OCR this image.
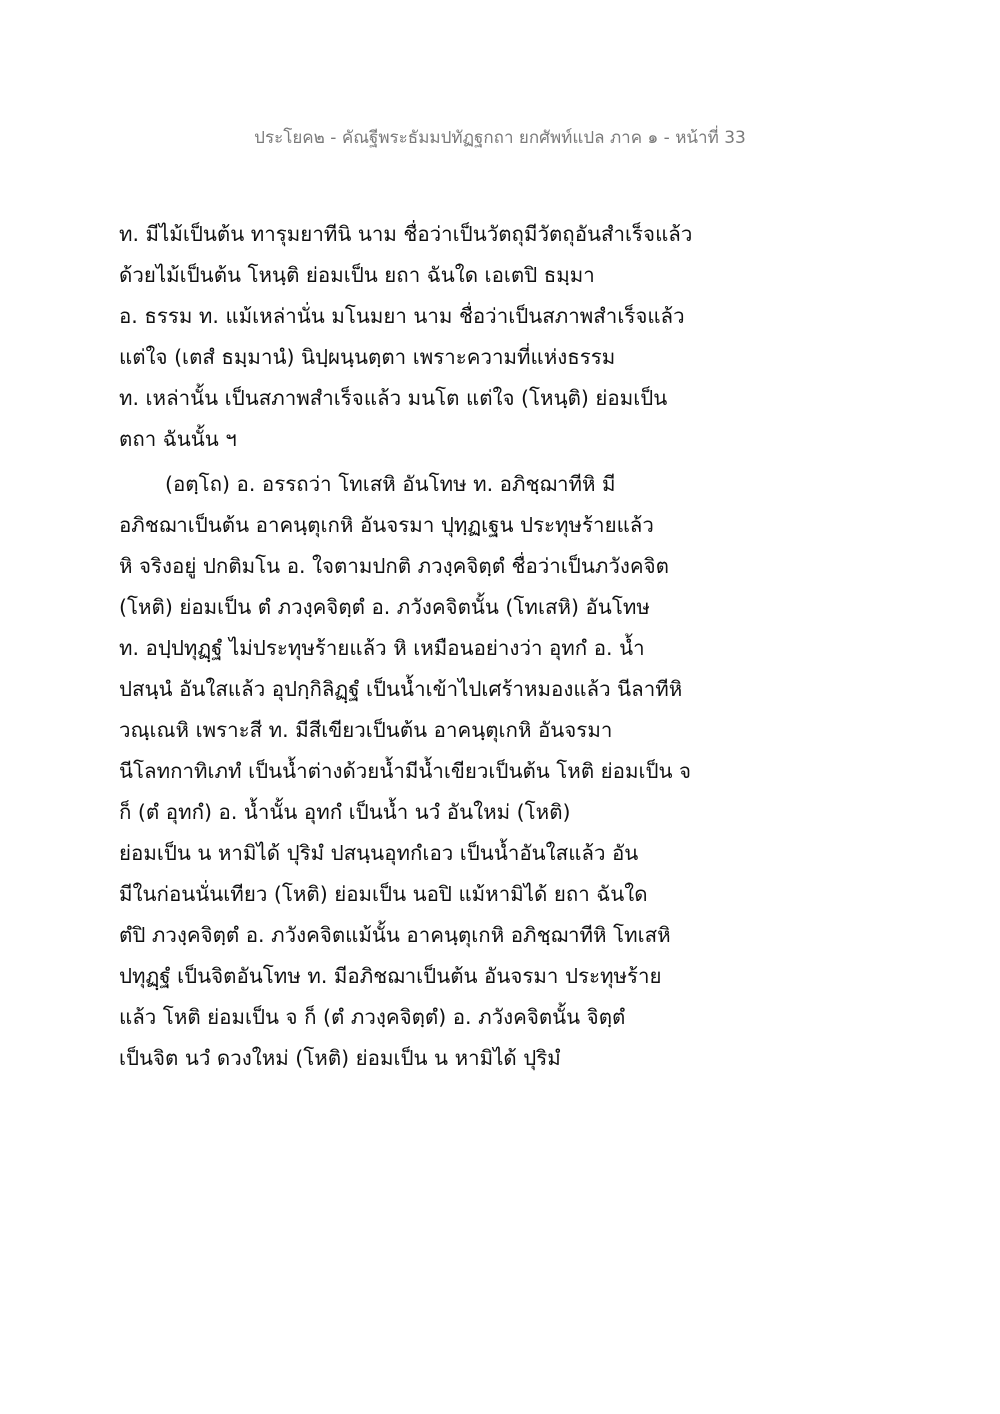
ประโยค๒ - คัณฐีพระธัมมปทัฏฐกถา ยกศัพท์แปล ภาค ๑ - หน้าที่ 33
ท. มีไม้เป็นต้น ทารุมยาทีนิ นาม ชื่อว่าเป็นวัตถุมีวัตถุอันสำเร็จแล้ว
ด้วยไม้เป็นต้น โหนฺติ ย่อมเป็น ยถา ฉันใด เอเตปิ ธมฺมา
อ. ธรรม ท. แม้เหล่านั่น มโนมยา นาม ชื่อว่าเป็นสภาพสำเร็จแล้ว
แต่ใจ (เตสํ ธมฺมานํ) นิปฺผนฺนตฺตา เพราะความที่แห่งธรรม
ท. เหล่านั้น เป็นสภาพสำเร็จแล้ว มนโต แต่ใจ (โหนฺติ) ย่อมเป็น
ตถา ฉันนั้น ฯ
(อตฺโถ) อ. อรรถว่า โทเสหิ อันโทษ ท. อภิชฺฌาทีหิ มี
อภิชฌาเป็นต้น อาคนฺตุเกหิ อันจรมา ปุทฺฏเฐน ประทุษร้ายแล้ว
หิ จริงอยู่ ปกติมโน อ. ใจตามปกติ ภวงฺคจิตฺตํ ชื่อว่าเป็นภวังคจิต
(โหติ) ย่อมเป็น ตํ ภวงฺคจิตฺตํ อ. ภวังคจิตนั้น (โทเสหิ) อันโทษ
ท. อปฺปทุฏฺฐํ ไม่ประทุษร้ายแล้ว หิ เหมือนอย่างว่า อุทกํ อ. น้ำ
ปสนฺนํ อันใสแล้ว อุปกฺกิลิฏฺฐํ เป็นน้ำเข้าไปเศร้าหมองแล้ว นีลาทีหิ
วณฺเณหิ เพราะสี ท. มีสีเขียวเป็นต้น อาคนฺตุเกหิ อันจรมา
นีโลทกาทิเภทํ เป็นน้ำต่างด้วยน้ำมีน้ำเขียวเป็นต้น โหติ ย่อมเป็น จ
ก็ (ตํ อุทกํ) อ. น้ำนั้น อุทกํ เป็นน้ำ นวํ อันใหม่ (โหติ)
ย่อมเป็น น หามิได้ ปุริมํ ปสนฺนอุทกํเอว เป็นน้ำอันใสแล้ว อัน
มีในก่อนนั่นเทียว (โหติ) ย่อมเป็น นอปิ แม้หามิได้ ยถา ฉันใด
ตํปิ ภวงฺคจิตฺตํ อ. ภวังคจิตแม้นั้น อาคนฺตุเกหิ อภิชฺฌาทีหิ โทเสหิ
ปทุฏฺฐํ เป็นจิตอันโทษ ท. มีอภิชฌาเป็นต้น อันจรมา ประทุษร้าย
แล้ว โหติ ย่อมเป็น จ ก็ (ตํ ภวงฺคจิตฺตํ) อ. ภวังคจิตนั้น จิตฺตํ
เป็นจิต นวํ ดวงใหม่ (โหติ) ย่อมเป็น น หามิได้ ปุริมํ
